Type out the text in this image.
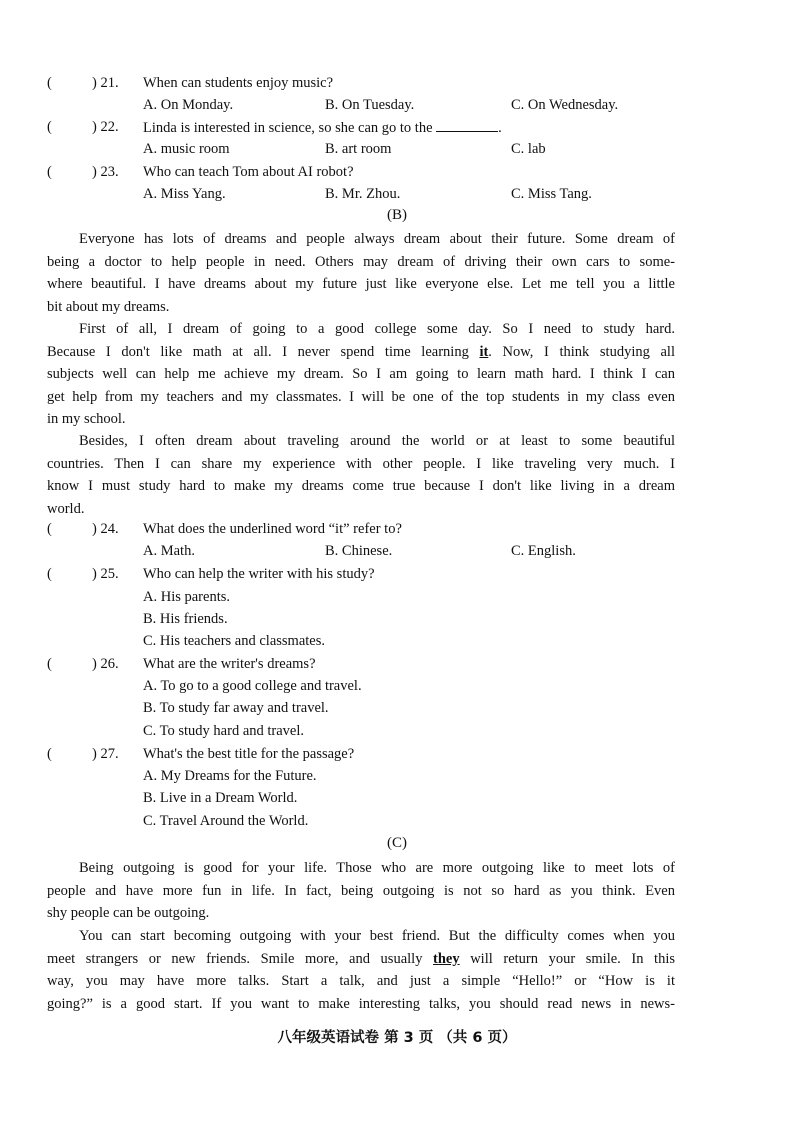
(	) 21. When can students enjoy music?
A. On Monday.	B. On Tuesday.	C. On Wednesday.
(	) 22. Linda is interested in science, so she can go to the	.
A. music room	B. art room	C. lab
(	) 23. Who can teach Tom about AI robot?
A. Miss Yang.	B. Mr. Zhou.	C. Miss Tang.
(B)
Everyone has lots of dreams and people always dream about their future. Some dream of
being a doctor to help people in need. Others may dream of driving their own cars to some-
where beautiful. I have dreams about my future just like everyone else. Let me tell you a little
bit about my dreams.
First of all, I dream of going to a good college some day. So I need to study hard.
Because I don't like math at all. I never spend time learning it. Now, I think studying all
subjects well can help me achieve my dream. So I am going to learn math hard. I think I can
get help from my teachers and my classmates. I will be one of the top students in my class even
in my school.
Besides, I often dream about traveling around the world or at least to some beautiful
countries. Then I can share my experience with other people. I like traveling very much. I
know I must study hard to make my dreams come true because I don't like living in a dream
world.
(	) 24. What does the underlined word “it” refer to?
A. Math.	B. Chinese.	C. English.
(	) 25. Who can help the writer with his study?
A. His parents.
B. His friends.
C. His teachers and classmates.
(	) 26. What are the writer's dreams?
A. To go to a good college and travel.
B. To study far away and travel.
C. To study hard and travel.
(	) 27. What's the best title for the passage?
A. My Dreams for the Future.
B. Live in a Dream World.
C. Travel Around the World.
(C)
Being outgoing is good for your life. Those who are more outgoing like to meet lots of
people and have more fun in life. In fact, being outgoing is not so hard as you think. Even
shy people can be outgoing.
You can start becoming outgoing with your best friend. But the difficulty comes when you
meet strangers or new friends. Smile more, and usually they will return your smile. In this
way, you may have more talks. Start a talk, and just a simple “Hello!” or “How is it
going?” is a good start. If you want to make interesting talks, you should read news in news-
八年级英语试卷 第 3 页 （共 6 页）
